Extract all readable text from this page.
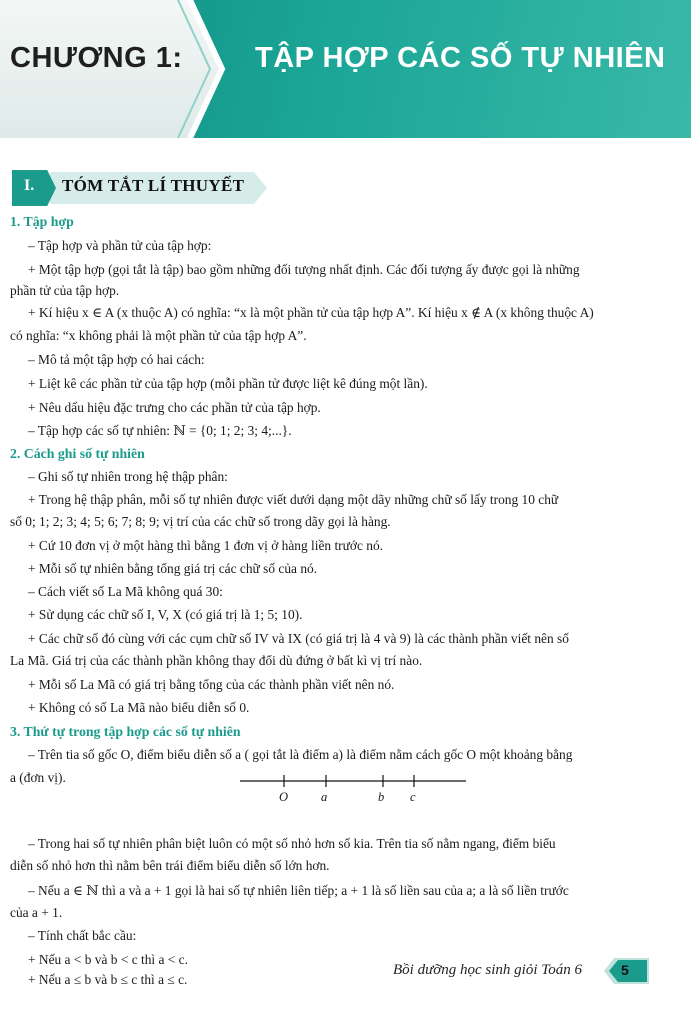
CHƯƠNG 1: TẬP HỢP CÁC SỐ TỰ NHIÊN
I. TÓM TẮT LÍ THUYẾT
1. Tập hợp
– Tập hợp và phần tử của tập hợp:
+ Một tập hợp (gọi tắt là tập) bao gồm những đối tượng nhất định. Các đối tượng ấy được gọi là những
phần tử của tập hợp.
+ Kí hiệu x ∈ A (x thuộc A) có nghĩa: “x là một phần tử của tập hợp A”. Kí hiệu x ∉ A (x không thuộc A)
có nghĩa: “x không phải là một phần tử của tập hợp A”.
– Mô tả một tập hợp có hai cách:
+ Liệt kê các phần tử của tập hợp (mỗi phần tử được liệt kê đúng một lần).
+ Nêu dấu hiệu đặc trưng cho các phần tử của tập hợp.
– Tập hợp các số tự nhiên: ℕ = {0; 1; 2; 3; 4;...}.
2. Cách ghi số tự nhiên
– Ghi số tự nhiên trong hệ thập phân:
+ Trong hệ thập phân, mỗi số tự nhiên được viết dưới dạng một dãy những chữ số lấy trong 10 chữ
số 0; 1; 2; 3; 4; 5; 6; 7; 8; 9; vị trí của các chữ số trong dãy gọi là hàng.
+ Cứ 10 đơn vị ở một hàng thì bằng 1 đơn vị ở hàng liền trước nó.
+ Mỗi số tự nhiên bằng tổng giá trị các chữ số của nó.
– Cách viết số La Mã không quá 30:
+ Sử dụng các chữ số I, V, X (có giá trị là 1; 5; 10).
+ Các chữ số đó cùng với các cụm chữ số IV và IX (có giá trị là 4 và 9) là các thành phần viết nên số
La Mã. Giá trị của các thành phần không thay đổi dù đứng ở bất kì vị trí nào.
+ Mỗi số La Mã có giá trị bằng tổng của các thành phần viết nên nó.
+ Không có số La Mã nào biểu diễn số 0.
3. Thứ tự trong tập hợp các số tự nhiên
– Trên tia số gốc O, điểm biểu diễn số a ( gọi tắt là điểm a) là điểm nằm cách gốc O một khoảng bằng
a (đơn vị).
– Trong hai số tự nhiên phân biệt luôn có một số nhỏ hơn số kia. Trên tia số nằm ngang, điểm biểu
diễn số nhỏ hơn thì nằm bên trái điểm biểu diễn số lớn hơn.
– Nếu a ∈ ℕ thì a và a + 1 gọi là hai số tự nhiên liên tiếp; a + 1 là số liền sau của a; a là số liền trước
của a + 1.
– Tính chất bắc cầu:
+ Nếu a < b và b < c thì a < c.
+ Nếu a ≤ b và b ≤ c thì a ≤ c.
O	a	b c
Bồi dưỡng học sinh giỏi Toán 6	5
